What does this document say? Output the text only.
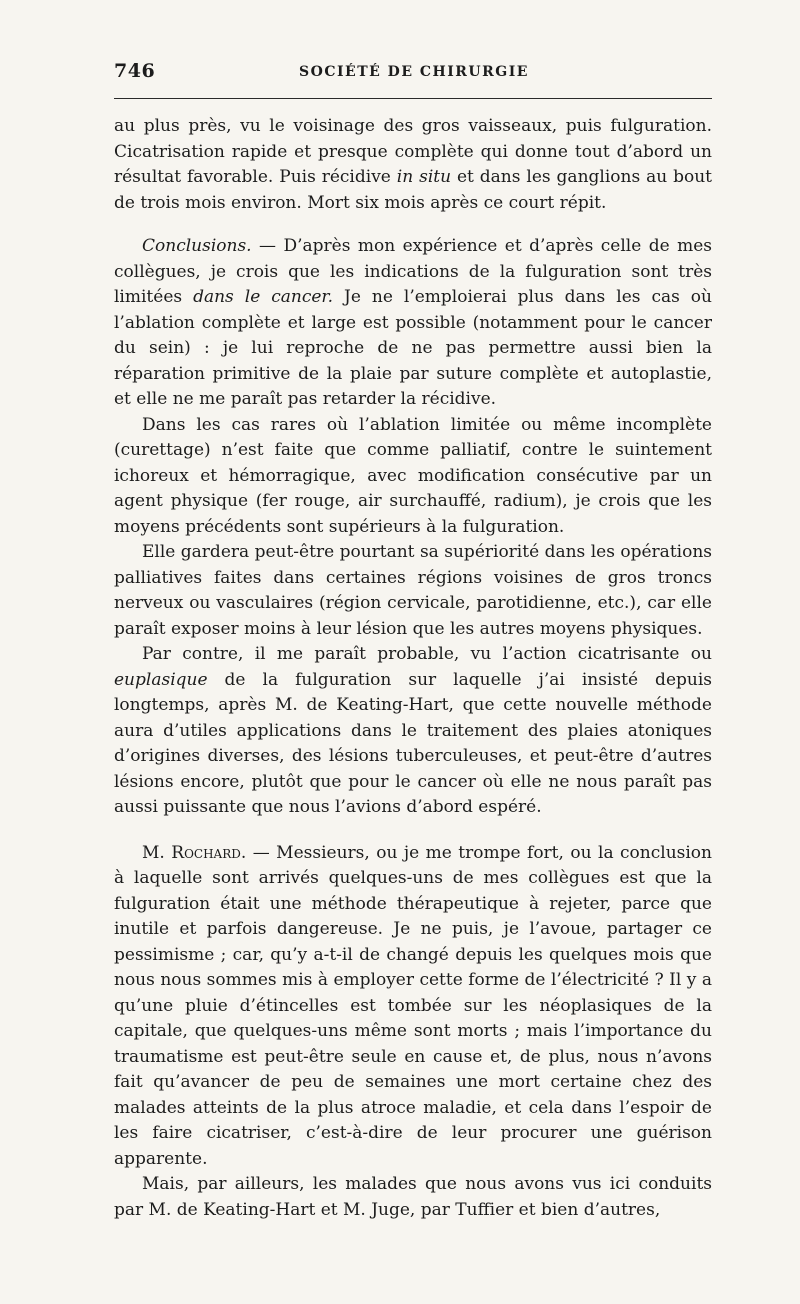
746	SOCIÉTÉ DE CHIRURGIE

au plus près, vu le voisinage des gros vaisseaux, puis fulguration. Cicatrisation rapide et presque complète qui donne tout d’abord un résultat favorable. Puis récidive in situ et dans les ganglions au bout de trois mois environ. Mort six mois après ce court répit.

Conclusions. — D’après mon expérience et d’après celle de mes collègues, je crois que les indications de la fulguration sont très limitées dans le cancer. Je ne l’emploierai plus dans les cas où l’ablation complète et large est possible (notamment pour le cancer du sein) : je lui reproche de ne pas permettre aussi bien la réparation primitive de la plaie par suture complète et autoplastie, et elle ne me paraît pas retarder la récidive.

Dans les cas rares où l’ablation limitée ou même incomplète (curettage) n’est faite que comme palliatif, contre le suintement ichoreux et hémorragique, avec modification consécutive par un agent physique (fer rouge, air surchauffé, radium), je crois que les moyens précédents sont supérieurs à la fulguration.

Elle gardera peut-être pourtant sa supériorité dans les opérations palliatives faites dans certaines régions voisines de gros troncs nerveux ou vasculaires (région cervicale, parotidienne, etc.), car elle paraît exposer moins à leur lésion que les autres moyens physiques.

Par contre, il me paraît probable, vu l’action cicatrisante ou euplasique de la fulguration sur laquelle j’ai insisté depuis longtemps, après M. de Keating-Hart, que cette nouvelle méthode aura d’utiles applications dans le traitement des plaies atoniques d’origines diverses, des lésions tuberculeuses, et peut-être d’autres lésions encore, plutôt que pour le cancer où elle ne nous paraît pas aussi puissante que nous l’avions d’abord espéré.

M. Rochard. — Messieurs, ou je me trompe fort, ou la conclusion à laquelle sont arrivés quelques-uns de mes collègues est que la fulguration était une méthode thérapeutique à rejeter, parce que inutile et parfois dangereuse. Je ne puis, je l’avoue, partager ce pessimisme ; car, qu’y a-t-il de changé depuis les quelques mois que nous nous sommes mis à employer cette forme de l’électricité ? Il y a qu’une pluie d’étincelles est tombée sur les néoplasiques de la capitale, que quelques-uns même sont morts ; mais l’importance du traumatisme est peut-être seule en cause et, de plus, nous n’avons fait qu’avancer de peu de semaines une mort certaine chez des malades atteints de la plus atroce maladie, et cela dans l’espoir de les faire cicatriser, c’est-à-dire de leur procurer une guérison apparente.

Mais, par ailleurs, les malades que nous avons vus ici conduits par M. de Keating-Hart et M. Juge, par Tuffier et bien d’autres,
